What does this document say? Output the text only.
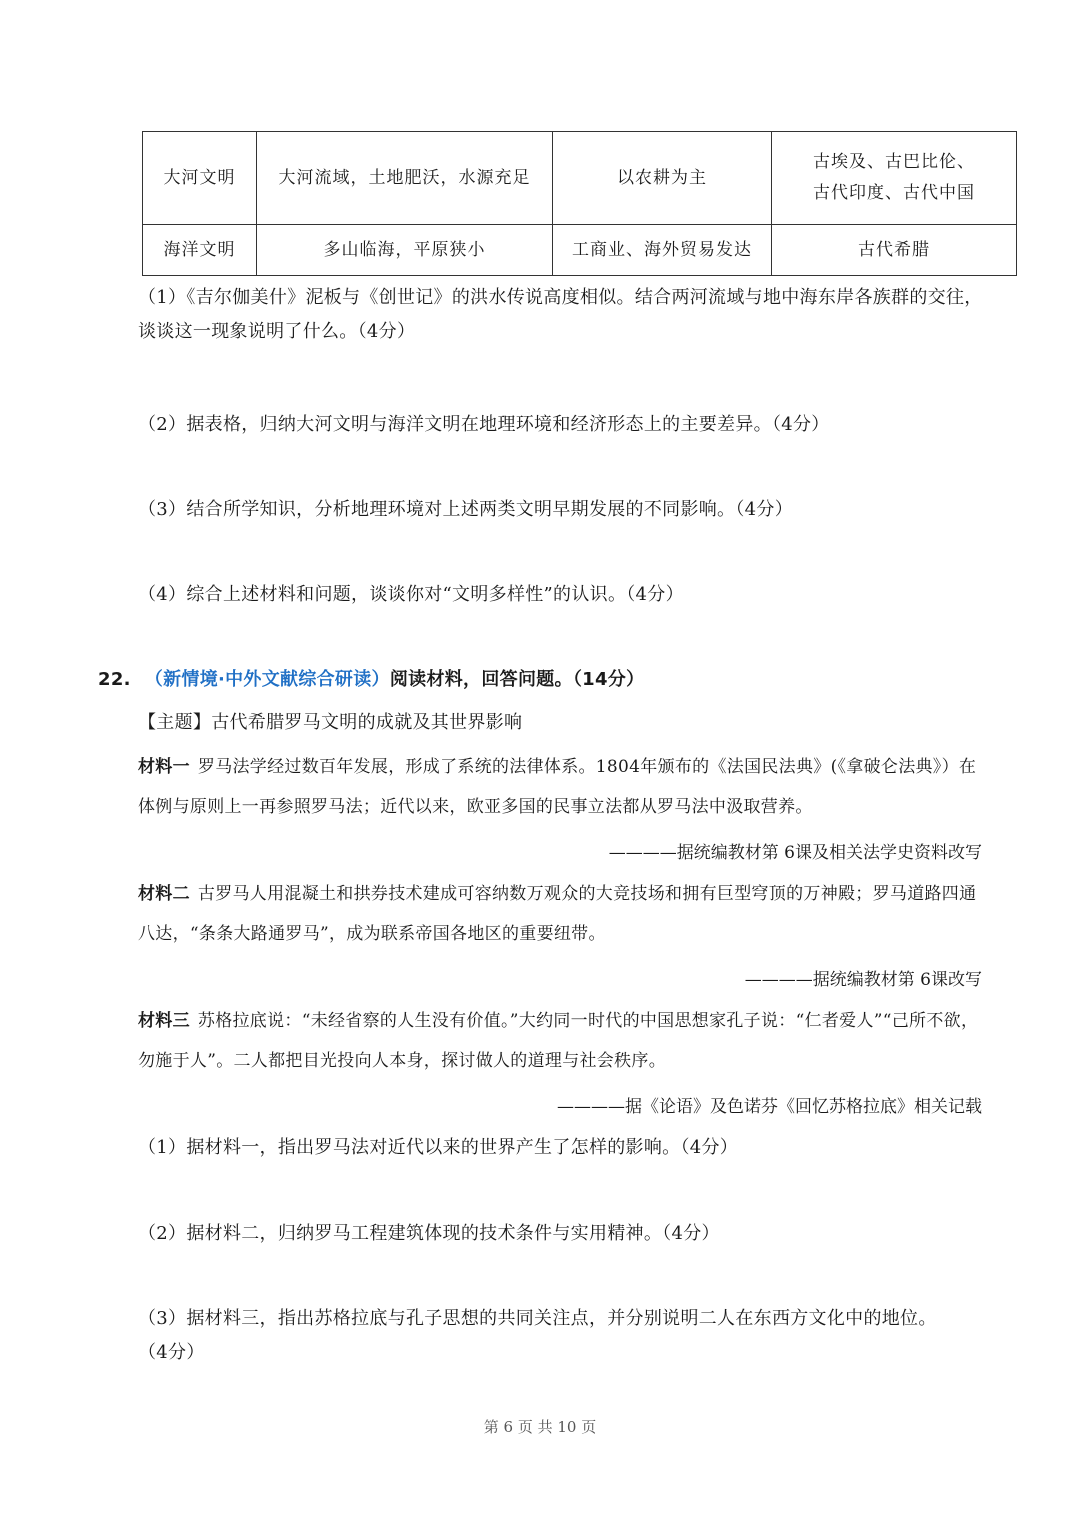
大河文明	大河流域，土地肥沃，水源充足	以农耕为主	古埃及、古巴比伦、
古代印度、古代中国

海洋文明	多山临海，平原狭小	工商业、海外贸易发达	古代希腊
（1）《吉尔伽美什》泥板与《创世记》的洪水传说高度相似。结合两河流域与地中海东岸各族群的交往，谈谈这一现象说明了什么。（4分）
（2）据表格，归纳大河文明与海洋文明在地理环境和经济形态上的主要差异。（4分）
（3）结合所学知识，分析地理环境对上述两类文明早期发展的不同影响。（4分）
（4）综合上述材料和问题，谈谈你对“文明多样性”的认识。（4分）
22. （新情境·中外文献综合研读）阅读材料，回答问题。（14分）
【主题】古代希腊罗马文明的成就及其世界影响
材料一 罗马法学经过数百年发展，形成了系统的法律体系。1804年颁布的《法国民法典》(《拿破仑法典》）在体例与原则上一再参照罗马法；近代以来，欧亚多国的民事立法都从罗马法中汲取营养。
————据统编教材第 6课及相关法学史资料改写
材料二 古罗马人用混凝土和拱券技术建成可容纳数万观众的大竞技场和拥有巨型穹顶的万神殿；罗马道路四通八达，“条条大路通罗马”，成为联系帝国各地区的重要纽带。
————据统编教材第 6课改写
材料三 苏格拉底说：“未经省察的人生没有价值。”大约同一时代的中国思想家孔子说：“仁者爱人”“己所不欲，勿施于人”。二人都把目光投向人本身，探讨做人的道理与社会秩序。
————据《论语》及色诺芬《回忆苏格拉底》相关记载
（1）据材料一，指出罗马法对近代以来的世界产生了怎样的影响。（4分）
（2）据材料二，归纳罗马工程建筑体现的技术条件与实用精神。（4分）
（3）据材料三，指出苏格拉底与孔子思想的共同关注点，并分别说明二人在东西方文化中的地位。（4分）
第 6 页 共 10 页
